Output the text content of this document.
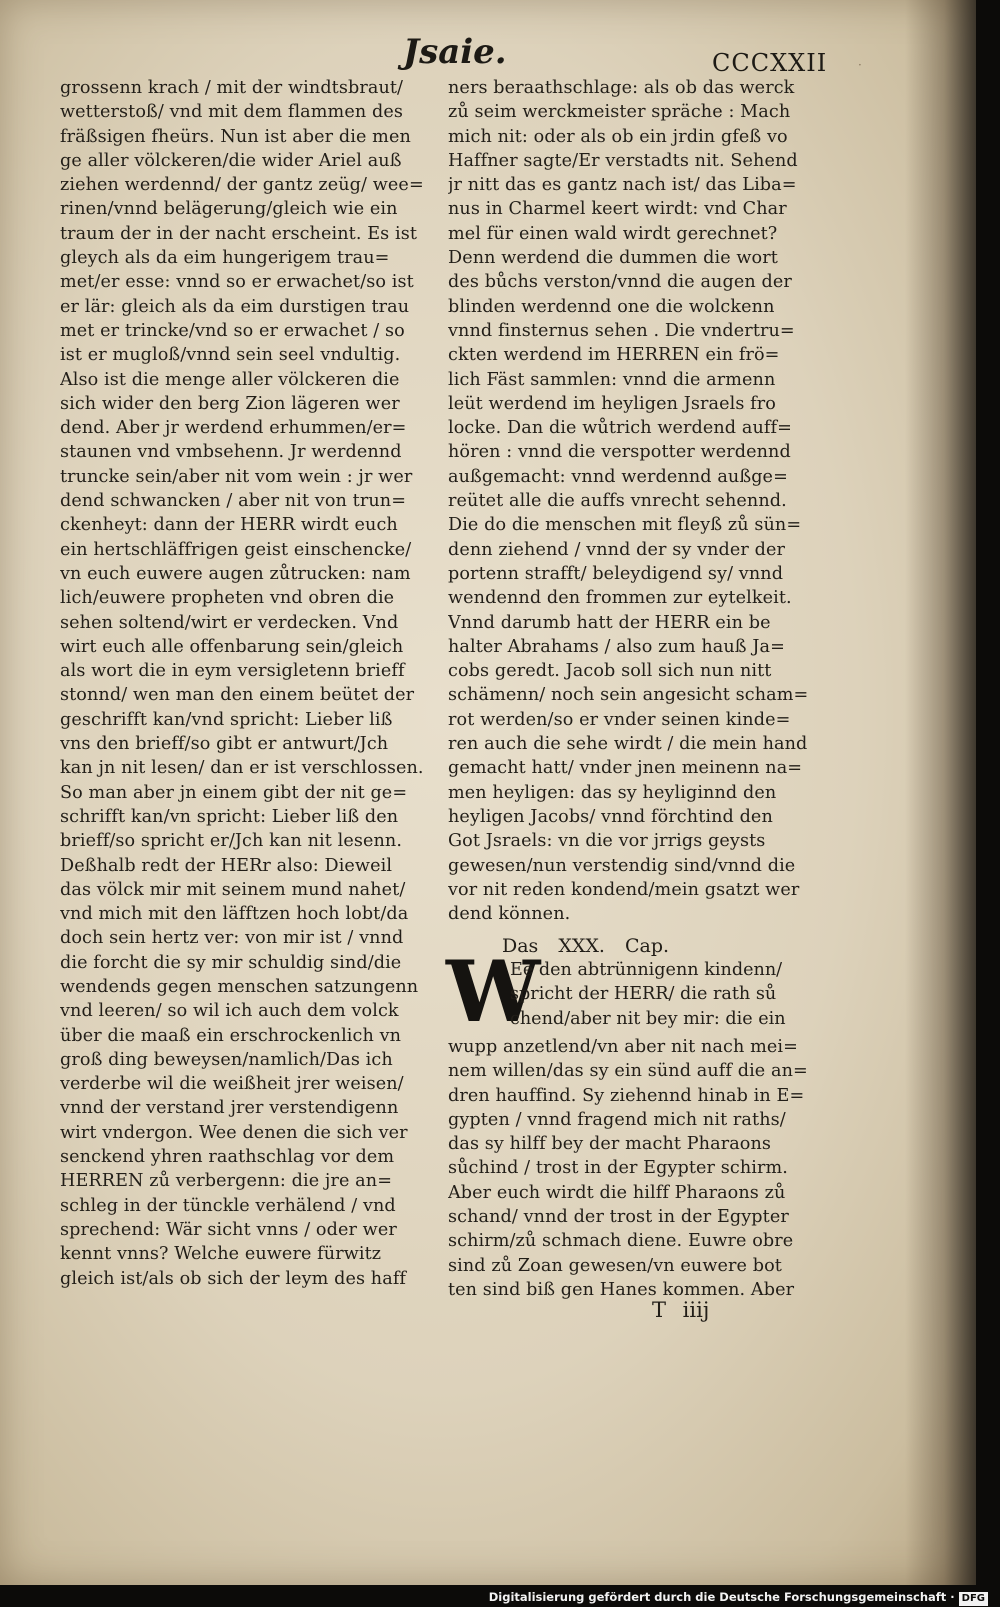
Jsaie.	CCCXXII	·
grossenn krach / mit der windtsbraut/
wetterstoß/ vnd mit dem flammen des
fräßsigen fheürs. Nun ist aber die men
ge aller völckeren/die wider Ariel auß
ziehen werdennd/ der gantz zeüg/ wee=
rinen/vnnd belägerung/gleich wie ein
traum der in der nacht erscheint. Es ist
gleych als da eim hungerigem trau=
met/er esse: vnnd so er erwachet/so ist
er lär: gleich als da eim durstigen trau
met er trincke/vnd so er erwachet / so
ist er mugloß/vnnd sein seel vndultig.
Also ist die menge aller völckeren die
sich wider den berg Zion lägeren wer
dend. Aber jr werdend erhummen/er=
staunen vnd vmbsehenn. Jr werdennd
truncke sein/aber nit vom wein : jr wer
dend schwancken / aber nit von trun=
ckenheyt: dann der HERR wirdt euch
ein hertschläffrigen geist einschencke/
vn euch euwere augen zůtrucken: nam
lich/euwere propheten vnd obren die
sehen soltend/wirt er verdecken. Vnd
wirt euch alle offenbarung sein/gleich
als wort die in eym versigletenn brieff
stonnd/ wen man den einem beütet der
geschrifft kan/vnd spricht: Lieber liß
vns den brieff/so gibt er antwurt/Jch
kan jn nit lesen/ dan er ist verschlossen.
So man aber jn einem gibt der nit ge=
schrifft kan/vn spricht: Lieber liß den
brieff/so spricht er/Jch kan nit lesenn.
Deßhalb redt der HERr also: Dieweil
das völck mir mit seinem mund nahet/
vnd mich mit den läfftzen hoch lobt/da
doch sein hertz ver: von mir ist / vnnd
die forcht die sy mir schuldig sind/die
wendends gegen menschen satzungenn
vnd leeren/ so wil ich auch dem volck
über die maaß ein erschrockenlich vn
groß ding beweysen/namlich/Das ich
verderbe wil die weißheit jrer weisen/
vnnd der verstand jrer verstendigenn
wirt vndergon. Wee denen die sich ver
senckend yhren raathschlag vor dem
HERREN zů verbergenn: die jre an=
schleg in der tünckle verhälend / vnd
sprechend: Wär sicht vnns / oder wer
kennt vnns? Welche euwere fürwitz
gleich ist/als ob sich der leym des haff
ners beraathschlage: als ob das werck
zů seim werckmeister spräche : Mach
mich nit: oder als ob ein jrdin gfeß vo
Haffner sagte/Er verstadts nit. Sehend
jr nitt das es gantz nach ist/ das Liba=
nus in Charmel keert wirdt: vnd Char
mel für einen wald wirdt gerechnet?
Denn werdend die dummen die wort
des bůchs verston/vnnd die augen der
blinden werdennd one die wolckenn
vnnd finsternus sehen . Die vndertru=
ckten werdend im HERREN ein frö=
lich Fäst sammlen: vnnd die armenn
leüt werdend im heyligen Jsraels fro
locke. Dan die wůtrich werdend auff=
hören : vnnd die verspotter werdennd
außgemacht: vnnd werdennd außge=
reütet alle die auffs vnrecht sehennd.
Die do die menschen mit fleyß zů sün=
denn ziehend / vnnd der sy vnder der
portenn strafft/ beleydigend sy/ vnnd
wendennd den frommen zur eytelkeit.
Vnnd darumb hatt der HERR ein be
halter Abrahams / also zum hauß Ja=
cobs geredt. Jacob soll sich nun nitt
schämenn/ noch sein angesicht scham=
rot werden/so er vnder seinen kinde=
ren auch die sehe wirdt / die mein hand
gemacht hatt/ vnder jnen meinenn na=
men heyligen: das sy heyliginnd den
heyligen Jacobs/ vnnd förchtind den
Got Jsraels: vn die vor jrrigs geysts
gewesen/nun verstendig sind/vnnd die
vor nit reden kondend/mein gsatzt wer
dend können.
Das XXX. Cap.
W
Ee den abtrünnigenn kindenn/
spricht der HERR/ die rath sů
chend/aber nit bey mir: die ein
wupp anzetlend/vn aber nit nach mei=
nem willen/das sy ein sünd auff die an=
dren hauffind. Sy ziehennd hinab in E=
gypten / vnnd fragend mich nit raths/
das sy hilff bey der macht Pharaons
sůchind / trost in der Egypter schirm.
Aber euch wirdt die hilff Pharaons zů
schand/ vnnd der trost in der Egypter
schirm/zů schmach diene. Euwre obre
sind zů Zoan gewesen/vn euwere bot
ten sind biß gen Hanes kommen. Aber
T iiij
Digitalisierung gefördert durch die Deutsche Forschungsgemeinschaft · DFG
